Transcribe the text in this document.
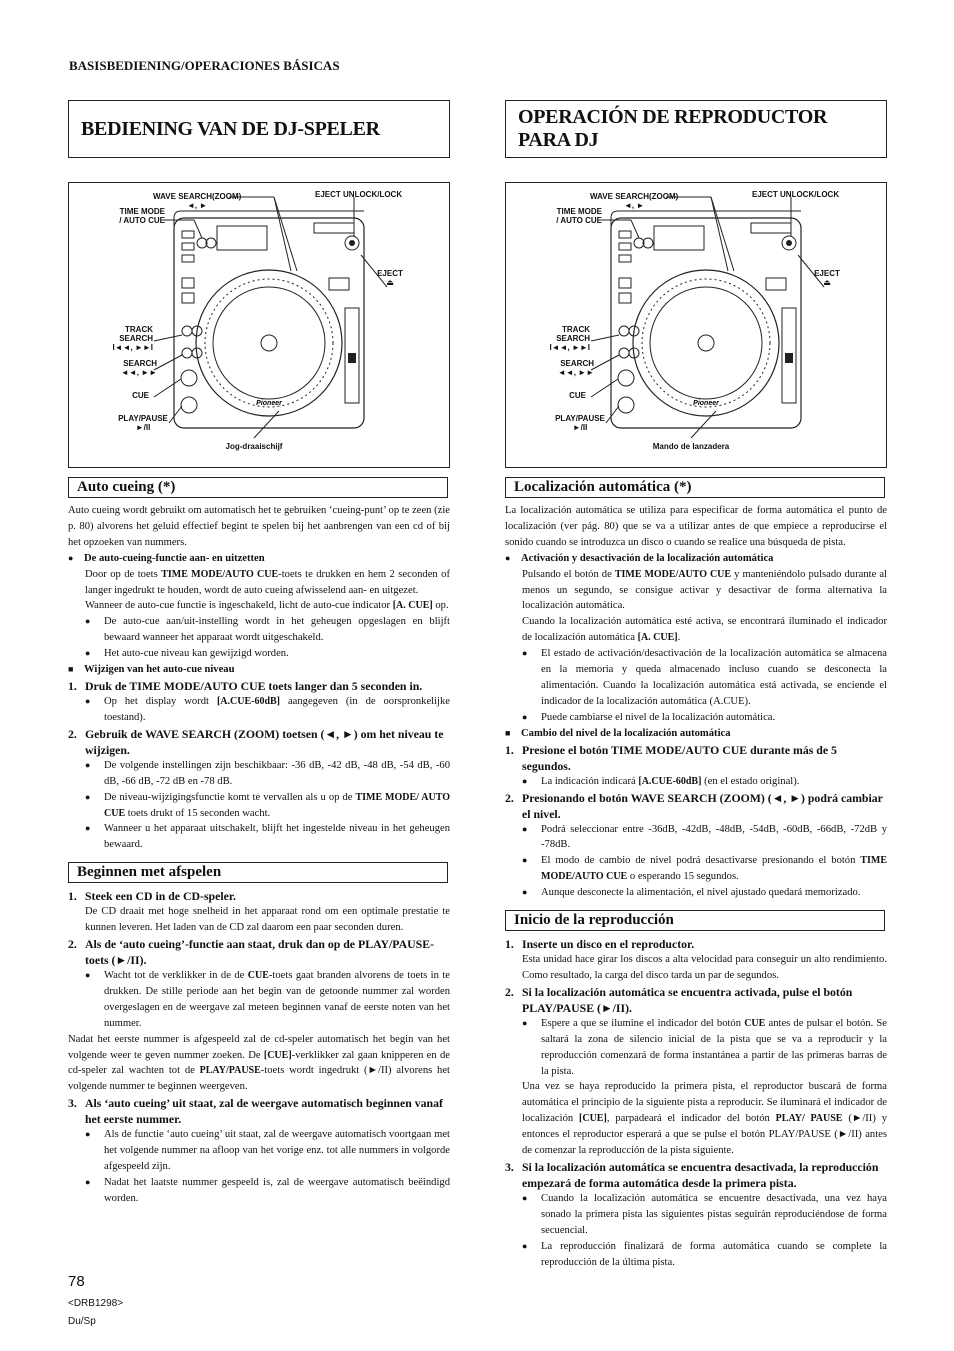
BASISBEDIENING/OPERACIONES BÁSICAS
BEDIENING VAN DE DJ-SPELER
Pioneer
WAVE SEARCH(ZOOM)
◄, ►
EJECT UNLOCK/LOCK
TIME MODE
/ AUTO CUE
EJECT
⏏
TRACK
SEARCH
I◄◄, ►►I
SEARCH
◄◄, ►►
CUE
PLAY/PAUSE
►/II
Jog-draaischijf
Auto cueing (*)

Auto cueing wordt gebruikt om automatisch het te gebruiken ‘cueing-punt’ op te zeen (zie p. 80) alvorens het geluid effectief begint te spelen bij het aanbrengen van een cd of bij het opzoeken van nummers.

● De auto-cueing-functie aan- en uitzetten

Door op de toets TIME MODE/AUTO CUE-toets te drukken en hem 2 seconden of langer ingedrukt te houden, wordt de auto cueing afwisselend aan- en uitgezet.

Wanneer de auto-cue functie is ingeschakeld, licht de auto-cue indicator [A. CUE] op.

● De auto-cue aan/uit-instelling wordt in het geheugen opgeslagen en blijft bewaard wanneer het apparaat wordt uitgeschakeld.

● Het auto-cue niveau kan gewijzigd worden.

■ Wijzigen van het auto-cue niveau

1. Druk de TIME MODE/AUTO CUE toets langer dan 5 seconden in.

● Op het display wordt [A.CUE-60dB] aangegeven (in de oorspronkelijke toestand).

2. Gebruik de WAVE SEARCH (ZOOM) toetsen (◄, ►) om het niveau te wijzigen.

● De volgende instellingen zijn beschikbaar: -36 dB, -42 dB, -48 dB, -54 dB, -60 dB, -66 dB, -72 dB en -78 dB.

● De niveau-wijzigingsfunctie komt te vervallen als u op de TIME MODE/ AUTO CUE toets drukt of 15 seconden wacht.

● Wanneer u het apparaat uitschakelt, blijft het ingestelde niveau in het geheugen bewaard.

Beginnen met afspelen

1. Steek een CD in de CD-speler.

De CD draait met hoge snelheid in het apparaat rond om een optimale prestatie te kunnen leveren. Het laden van de CD zal daarom een paar seconden duren.

2. Als de ‘auto cueing’-functie aan staat, druk dan op de PLAY/PAUSE-toets (►/II).

● Wacht tot de verklikker in de de CUE-toets gaat branden alvorens de toets in te drukken. De stille periode aan het begin van de getoonde nummer zal worden overgeslagen en de weergave zal meteen beginnen vanaf de eerste noten van het nummer.

Nadat het eerste nummer is afgespeeld zal de cd-speler automatisch het begin van het volgende weer te geven nummer zoeken. De [CUE]-verklikker zal gaan knipperen en de cd-speler zal wachten tot de PLAY/PAUSE-toets wordt ingedrukt (►/II) alvorens het volgende nummer te beginnen weergeven.

3. Als ‘auto cueing’ uit staat, zal de weergave automatisch beginnen vanaf het eerste nummer.

● Als de functie ‘auto cueing’ uit staat, zal de weergave automatisch voortgaan met het volgende nummer na afloop van het vorige enz. tot alle nummers in volgorde afgespeeld zijn.

● Nadat het laatste nummer gespeeld is, zal de weergave automatisch beëindigd worden.

OPERACIÓN DE REPRODUCTOR PARA DJ
Pioneer
WAVE SEARCH(ZOOM)
◄, ►
EJECT UNLOCK/LOCK
TIME MODE
/ AUTO CUE
EJECT
⏏
TRACK
SEARCH
I◄◄, ►►I
SEARCH
◄◄, ►►
CUE
PLAY/PAUSE
►/II
Mando de lanzadera
Localización automática (*)

La localización automática se utiliza para especificar de forma automática el punto de localización (ver pág. 80) que se va a utilizar antes de que empiece a reproducirse el sonido cuando se introduzca un disco o cuando se realice una búsqueda de pista.

● Activación y desactivación de la localización automática

Pulsando el botón de TIME MODE/AUTO CUE y manteniéndolo pulsado durante al menos un segundo, se consigue activar y desactivar de forma alternativa la localización automática.

Cuando la localización automática esté activa, se encontrará iluminado el indicador de localización automática [A. CUE].

● El estado de activación/desactivación de la localización automática se almacena en la memoria y queda almacenado incluso cuando se desconecta la alimentación. Cuando la localización automática está activada, se enciende el indicador de la localización automática (A.CUE).

● Puede cambiarse el nivel de la localización automática.

■ Cambio del nivel de la localización automática

1. Presione el botón TIME MODE/AUTO CUE durante más de 5 segundos.

● La indicación indicará [A.CUE-60dB] (en el estado original).

2. Presionando el botón WAVE SEARCH (ZOOM) (◄, ►) podrá cambiar el nivel.

● Podrá seleccionar entre -36dB, -42dB, -48dB, -54dB, -60dB, -66dB, -72dB y -78dB.

● El modo de cambio de nivel podrá desactivarse presionando el botón TIME MODE/AUTO CUE o esperando 15 segundos.

● Aunque desconecte la alimentación, el nivel ajustado quedará memorizado.

Inicio de la reproducción

1. Inserte un disco en el reproductor.

Esta unidad hace girar los discos a alta velocidad para conseguir un alto rendimiento. Como resultado, la carga del disco tarda un par de segundos.

2. Si la localización automática se encuentra activada, pulse el botón PLAY/PAUSE (►/II).

● Espere a que se ilumine el indicador del botón CUE antes de pulsar el botón. Se saltará la zona de silencio inicial de la pista que se va a reproducir y la reproducción comenzará de forma instantánea a partir de las primeras barras de la pista.

Una vez se haya reproducido la primera pista, el reproductor buscará de forma automática el principio de la siguiente pista a reproducir. Se iluminará el indicador de localización [CUE], parpadeará el indicador del botón PLAY/ PAUSE (►/II) y entonces el reproductor esperará a que se pulse el botón PLAY/PAUSE (►/II) antes de comenzar la reproducción de la pista siguiente.

3. Si la localización automática se encuentra desactivada, la reproducción empezará de forma automática desde la primera pista.

● Cuando la localización automática se encuentre desactivada, una vez haya sonado la primera pista las siguientes pistas seguirán reproduciéndose de forma secuencial.

● La reproducción finalizará de forma automática cuando se complete la reproducción de la última pista.

78
<DRB1298>
Du/Sp
